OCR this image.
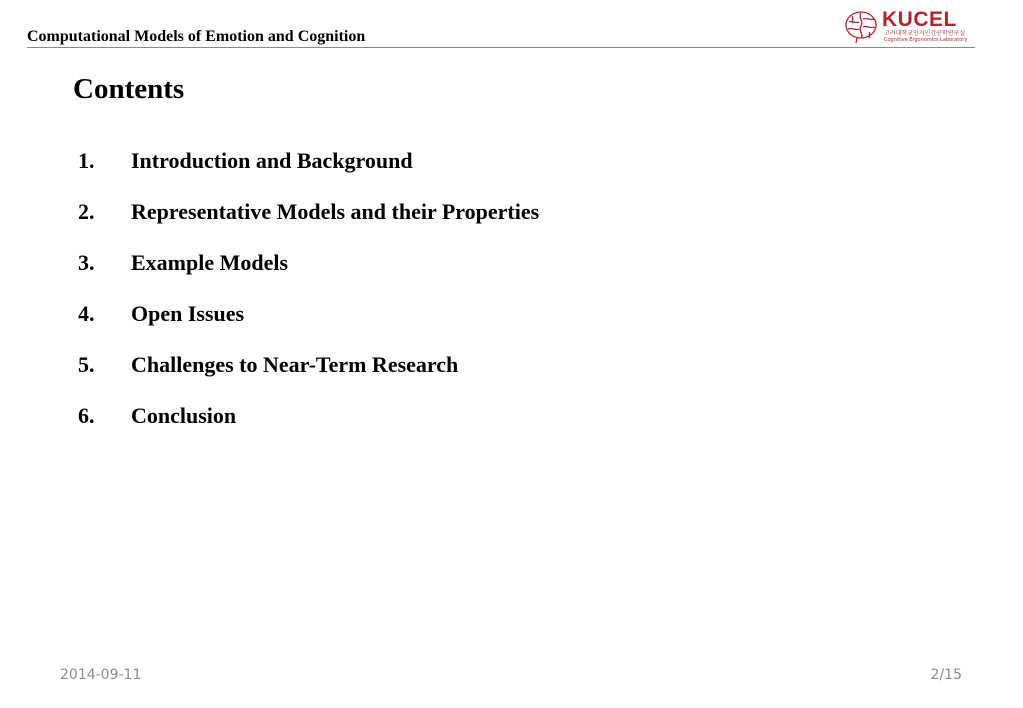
Computational Models of Emotion and Cognition
KUCEL
고려대학교인지인간공학연구실
Cognitive Ergonomics Laboratory
Contents
1. Introduction and Background
2. Representative Models and their Properties
3. Example Models
4. Open Issues
5. Challenges to Near-Term Research
6. Conclusion
2014-09-11	2/15
